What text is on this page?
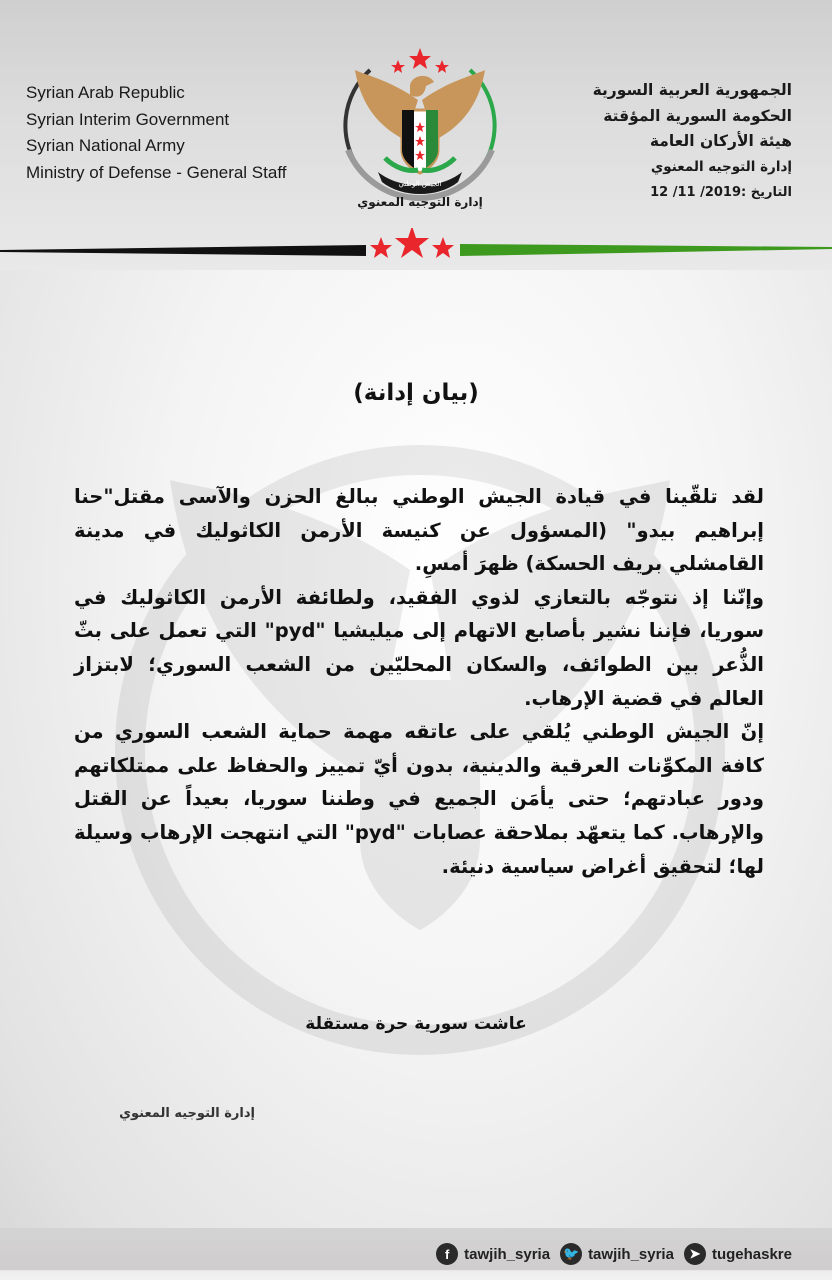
Syrian Arab Republic
Syrian Interim Government
Syrian National Army
Ministry of Defense - General Staff
الجمهورية العربية السورية
الحكومة السورية المؤقتة
هيئة الأركان العامة
إدارة التوجيه المعنوي
التاريخ :2019/ 11/ 12
الجيش الوطني
إدارة التوجيه المعنوي
(بيان إدانة)

لقد تلقّينا في قيادة الجيش الوطني ببالغ الحزن والآسى مقتل"حنا إبراهيم بيدو" (المسؤول عن كنيسة الأرمن الكاثوليك في مدينة القامشلي بريف الحسكة) ظهرَ أمسِ.

وإنّنا إذ نتوجّه بالتعازي لذوي الفقيد، ولطائفة الأرمن الكاثوليك في سوريا، فإننا نشير بأصابع الاتهام إلى ميليشيا "pyd" التي تعمل على بثّ الذُّعر بين الطوائف، والسكان المحليّين من الشعب السوري؛ لابتزاز العالم في قضية الإرهاب.

إنّ الجيش الوطني يُلقي على عاتقه مهمة حماية الشعب السوري من كافة المكوِّنات العرقية والدينية، بدون أيّ تمييز والحفاظ على ممتلكاتهم ودور عبادتهم؛ حتى يأمَن الجميع في وطننا سوريا، بعيداً عن القتل والإرهاب. كما يتعهّد بملاحقة عصابات "pyd" التي انتهجت الإرهاب وسيلة لها؛ لتحقيق أغراض سياسية دنيئة.

عاشت سورية حرة مستقلة
إدارة التوجيه المعنوي
f tawjih_syria 🐦 tawjih_syria	➤ tugehaskre
